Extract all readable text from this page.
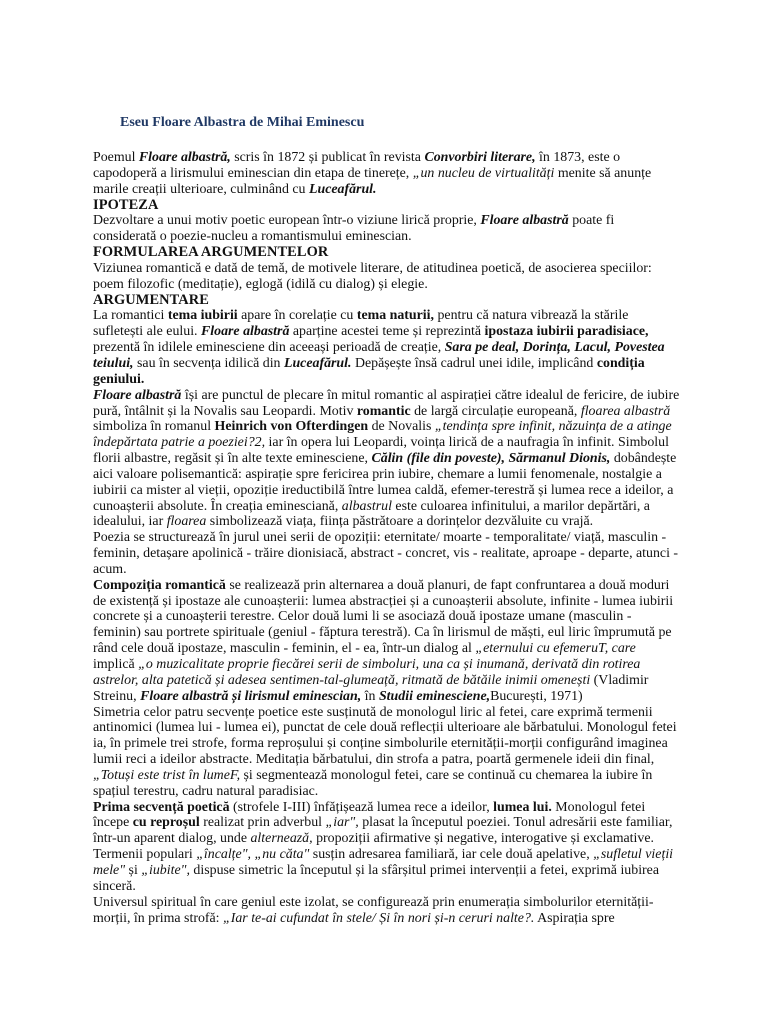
Eseu Floare Albastra de Mihai Eminescu

Poemul Floare albastră, scris în 1872 și publicat în revista Convorbiri literare, în 1873, este o capodoperă a lirismului eminescian din etapa de tinerețe, „un nucleu de virtualități menite să anunțe marile creații ulterioare, culminând cu Luceafărul.

IPOTEZA

Dezvoltare a unui motiv poetic european într-o viziune lirică proprie, Floare albastră poate fi considerată o poezie-nucleu a romantismului eminescian.

FORMULAREA ARGUMENTELOR

Viziunea romantică e dată de temă, de motivele literare, de atitudinea poetică, de asocierea speciilor: poem filozofic (meditație), eglogă (idilă cu dialog) și elegie.

ARGUMENTARE

La romantici tema iubirii apare în corelație cu tema naturii, pentru că natura vibrează la stările sufletești ale eului. Floare albastră aparține acestei teme și reprezintă ipostaza iubirii paradisiace, prezentă în idilele eminesciene din aceeași perioadă de creație, Sara pe deal, Dorința, Lacul, Povestea teiului, sau în secvența idilică din Luceafărul. Depășește însă cadrul unei idile, implicând condiția geniului.

Floare albastră își are punctul de plecare în mitul romantic al aspirației către idealul de fericire, de iubire pură, întâlnit și la Novalis sau Leopardi. Motiv romantic de largă circulație europeană, floarea albastră simboliza în romanul Heinrich von Ofterdingen de Novalis „tendința spre infinit, năzuința de a atinge îndepărtata patrie a poeziei?2, iar în opera lui Leopardi, voința lirică de a naufragia în infinit. Simbolul florii albastre, regăsit și în alte texte eminesciene, Călin (file din poveste), Sărmanul Dionis, dobândește aici valoare polisemantică: aspirație spre fericirea prin iubire, chemare a lumii fenomenale, nostalgie a iubirii ca mister al vieții, opoziție ireductibilă între lumea caldă, efemer-terestră și lumea rece a ideilor, a cunoașterii absolute. În creația eminesciană, albastrul este culoarea infinitului, a marilor depărtări, a idealului, iar floarea simbolizează viața, ființa păstrătoare a dorințelor dezvăluite cu vrajă.

Poezia se structurează în jurul unei serii de opoziții: eternitate/ moarte - temporalitate/ viață, masculin -feminin, detașare apolinică - trăire dionisiacă, abstract - concret, vis - realitate, aproape - departe, atunci -acum.

Compoziția romantică se realizează prin alternarea a două planuri, de fapt confruntarea a două moduri de existență și ipostaze ale cunoașterii: lumea abstracției și a cunoașterii absolute, infinite - lumea iubirii concrete și a cunoașterii terestre. Celor două lumi li se asociază două ipostaze umane (masculin - feminin) sau portrete spirituale (geniul - făptura terestră). Ca în lirismul de măști, eul liric împrumută pe rând cele două ipostaze, masculin - feminin, el - ea, într-un dialog al „eternului cu efemeruT, care implică „o muzicalitate proprie fiecărei serii de simboluri, una ca și inumană, derivată din rotirea astrelor, alta patetică și adesea sentimen-tal-glumeață, ritmată de bătăile inimii omenești (Vladimir Streinu, Floare albastră și lirismul eminescian, în Studii eminesciene,București, 1971)

Simetria celor patru secvențe poetice este susținută de monologul liric al fetei, care exprimă termenii antinomici (lumea lui - lumea ei), punctat de cele două reflecții ulterioare ale bărbatului. Monologul fetei ia, în primele trei strofe, forma reproșului și conține simbolurile eternității-morții configurând imaginea lumii reci a ideilor abstracte. Meditația bărbatului, din strofa a patra, poartă germenele ideii din final, „Totuși este trist în lumeF, și segmentează monologul fetei, care se continuă cu chemarea la iubire în spațiul terestru, cadru natural paradisiac.

Prima secvență poetică (strofele I-III) înfățișează lumea rece a ideilor, lumea lui. Monologul fetei începe cu reproșul realizat prin adverbul „iar", plasat la începutul poeziei. Tonul adresării este familiar, într-un aparent dialog, unde alternează, propoziții afirmative și negative, interogative și exclamative. Termenii populari „încalțe", „nu căta" susțin adresarea familiară, iar cele două apelative, „sufletul vieții mele" și „iubite", dispuse simetric la începutul și la sfârșitul primei intervenții a fetei, exprimă iubirea sinceră.

Universul spiritual în care geniul este izolat, se configurează prin enumerația simbolurilor eternității-morții, în prima strofă: „Iar te-ai cufundat în stele/ Și în nori și-n ceruri nalte?. Aspirația spre
